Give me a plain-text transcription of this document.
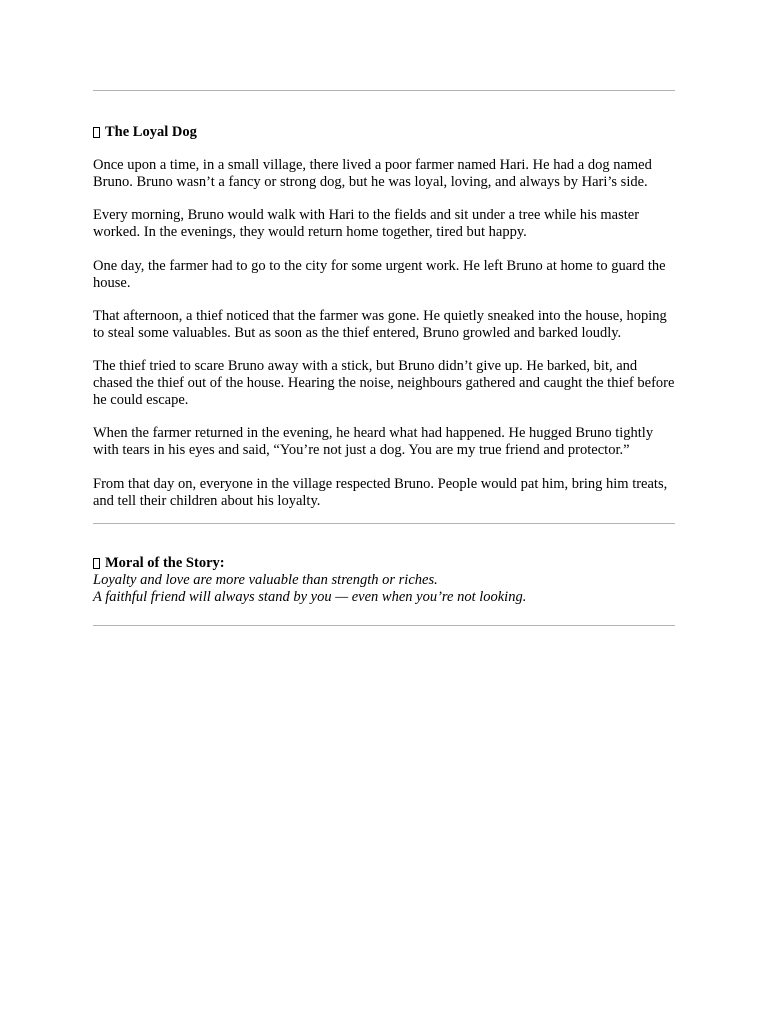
The Loyal Dog

Once upon a time, in a small village, there lived a poor farmer named Hari. He had a dog named Bruno. Bruno wasn’t a fancy or strong dog, but he was loyal, loving, and always by Hari’s side.

Every morning, Bruno would walk with Hari to the fields and sit under a tree while his master worked. In the evenings, they would return home together, tired but happy.

One day, the farmer had to go to the city for some urgent work. He left Bruno at home to guard the house.

That afternoon, a thief noticed that the farmer was gone. He quietly sneaked into the house, hoping to steal some valuables. But as soon as the thief entered, Bruno growled and barked loudly.

The thief tried to scare Bruno away with a stick, but Bruno didn’t give up. He barked, bit, and chased the thief out of the house. Hearing the noise, neighbours gathered and caught the thief before he could escape.

When the farmer returned in the evening, he heard what had happened. He hugged Bruno tightly with tears in his eyes and said, “You’re not just a dog. You are my true friend and protector.”

From that day on, everyone in the village respected Bruno. People would pat him, bring him treats, and tell their children about his loyalty.

Moral of the Story:

Loyalty and love are more valuable than strength or riches.

A faithful friend will always stand by you — even when you’re not looking.
